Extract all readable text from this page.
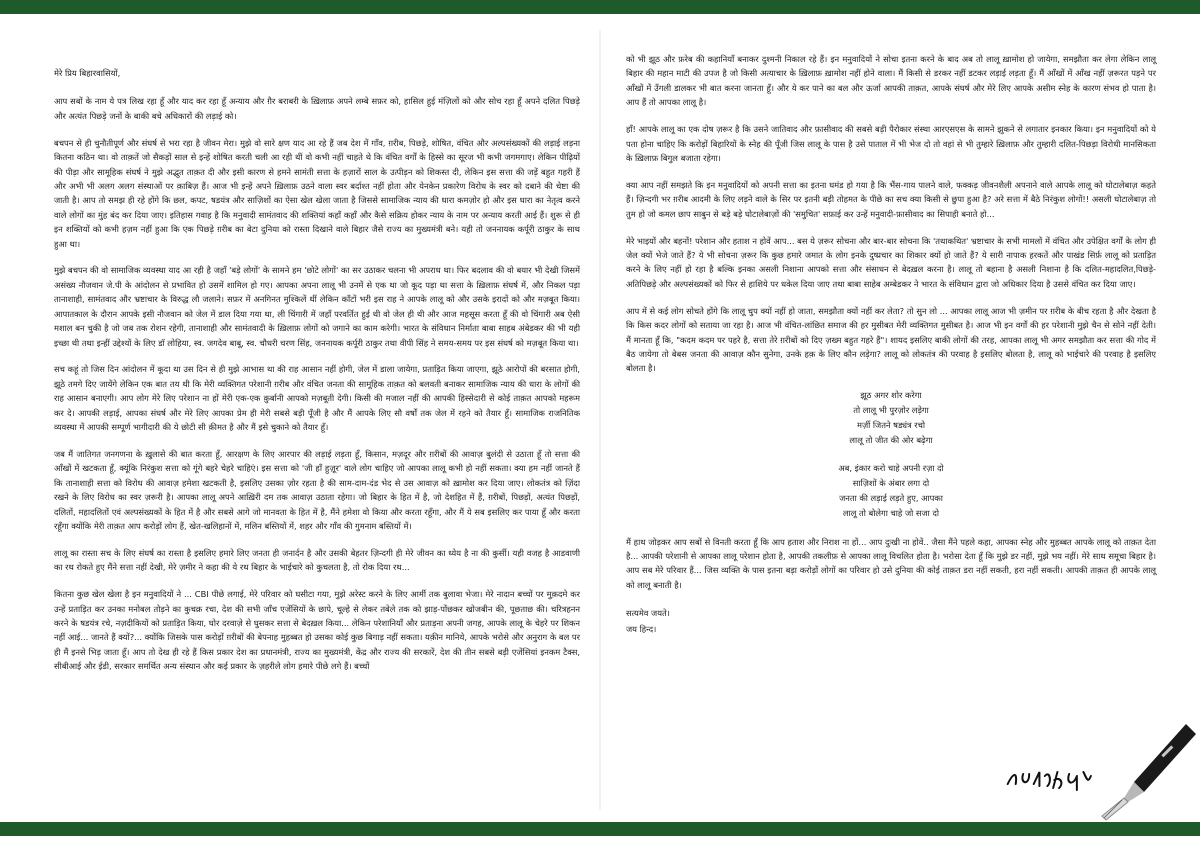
मेरे प्रिय बिहारवासियों,

आप सबों के नाम ये पत्र लिख रहा हूँ और याद कर रहा हूँ अन्याय और ग़ैर बराबरी के ख़िलाफ़ अपने लम्बे सफ़र को, हासिल हुई मंज़िलों को और सोच रहा हूँ अपने दलित पिछड़े और अत्यंत पिछड़े जनों के बाकी बचे अधिकारों की लड़ाई को।

बचपन से ही चुनौतीपूर्ण और संघर्ष से भरा रहा है जीवन मेरा। मुझे वो सारे क्षण याद आ रहे हैं जब देश में गाँव, ग़रीब, पिछड़े, शोषित, वंचित और अल्पसंख्यकों की लड़ाई लड़ना कितना कठिन था। वो ताक़तें जो सैकड़ों साल से इन्हें शोषित करती चली आ रही थीं वो कभी नहीं चाहते थे कि वंचित वर्गों के हिस्से का सूरज भी कभी जगमगाए। लेकिन पीढ़ियों की पीड़ा और सामूहिक संघर्ष ने मुझे अद्भुत ताक़त दी और इसी कारण से हमने सामंती सत्ता के हज़ारों साल के उत्पीड़न को शिकस्त दी, लेकिन इस सत्ता की जड़ें बहुत गहरी हैं और अभी भी अलग अलग संस्थाओं पर क़ाबिज़ हैं। आज भी इन्हें अपने ख़िलाफ़ उठने वाला स्वर बर्दाश्त नहीं होता और येनकेन प्रकारेण विरोध के स्वर को दबाने की चेष्टा की जाती है। आप तो समझ ही रहे होंगे कि छल, कपट, षडयंत्र और साज़िशों का ऐसा खेल खेला जाता है जिससे सामाजिक न्याय की धारा कमज़ोर हो और इस धारा का नेतृत्व करने वाले लोगों का मुंह बंद कर दिया जाए। इतिहास गवाह है कि मनुवादी सामंतवाद की शक्तियां कहाँ कहाँ और कैसे सक्रिय होकर न्याय के नाम पर अन्याय करती आई हैं। शुरू से ही इन शक्तियों को कभी हज़म नहीं हुआ कि एक पिछड़े ग़रीब का बेटा दुनिया को रास्ता दिखाने वाले बिहार जैसे राज्य का मुख्यमंत्री बने। यही तो जननायक कर्पूरी ठाकुर के साथ हुआ था।

मुझे बचपन की वो सामाजिक व्यवस्था याद आ रही है जहाँ 'बड़े लोगों' के सामने हम 'छोटे लोगों' का सर उठाकर चलना भी अपराध था। फिर बदलाव की वो बयार भी देखी जिसमें असंख्य नौजवान जे.पी के आंदोलन से प्रभावित हो उसमें शामिल हो गए। आपका अपना लालू भी उनमें से एक था जो कूद पड़ा था सत्ता के ख़िलाफ़ संघर्ष में, और निकल पड़ा तानाशाही, सामंतवाद और भ्रष्टाचार के विरुद्ध लौ जलाने। सफ़र में अनगिनत मुश्किलें थीं लेकिन काँटों भरी इस राह ने आपके लालू को और उसके इरादों को और मज़बूत किया। आपातकाल के दौरान आपके इसी नौजवान को जेल में डाल दिया गया था, ली चिंगारी में जहाँ परवर्तित हुई थी वो जेल ही थी और आज महसूस करता हूँ की वो चिंगारी अब ऐसी मशाल बन चुकी है जो जब तक रोशन रहेगी, तानाशाही और सामंतवादी के ख़िलाफ़ लोगों को जगाने का काम करेगी। भारत के संविधान निर्माता बाबा साहब अंबेडकर की भी यही इच्छा थी तथा इन्हीं उद्देश्यों के लिए डॉ लोहिया, स्व. जगदेव बाबू, स्व. चौधरी चरण सिंह, जननायक कर्पूरी ठाकुर तथा वीपी सिंह ने समय-समय पर इस संघर्ष को मज़बूत किया था।

सच कहूं तो जिस दिन आंदोलन में कूदा था उस दिन से ही मुझे आभास था की राह आसान नहीं होगी, जेल में डाला जायेगा, प्रताड़ित किया जाएगा, झूठे आरोपों की बरसात होगी, झूठे तमगे दिए जायेंगे लेकिन एक बात तय थी कि मेरी व्यक्तिगत परेशानी ग़रीब और वंचित जनता की सामूहिक ताक़त को बलवती बनाकर सामाजिक न्याय की धारा के लोगों की राह आसान बनाएगी। आप लोग मेरे लिए परेशान ना हों मेरी एक-एक क़ुर्बानी आपको मज़बूती देगी। किसी की मजाल नहीं की आपकी हिस्सेदारी से कोई ताक़त आपको महरूम कर दे। आपकी लड़ाई, आपका संघर्ष और मेरे लिए आपका प्रेम ही मेरी सबसे बड़ी पूँजी है और मैं आपके लिए सौ वर्षों तक जेल में रहने को तैयार हूँ। सामाजिक राजनितिक व्यवस्था में आपकी सम्पूर्ण भागीदारी की ये छोटी सी क़ीमत है और मैं इसे चुकाने को तैयार हूँ।

जब मैं जातिगत जनगणना के ख़ुलासे की बात करता हूँ, आरक्षण के लिए आरपार की लड़ाई लड़ता हूँ, किसान, मज़दूर और ग़रीबों की आवाज़ बुलंदी से उठाता हूँ तो सत्ता की आँखों में खटकता हूँ, क्यूंकि निरंकुश सत्ता को गूंगे बहरे चेहरे चाहिएं। इस सत्ता को 'जी हाँ हुज़ूर' वाले लोग चाहिए जो आपका लालू कभी हो नहीं सकता। क्या हम नहीं जानते हैं कि तानाशाही सत्ता को विरोध की आवाज़ हमेशा खटकती है, इसलिए उसका ज़ोर रहता है की साम-दाम-दंड भेद से उस आवाज़ को ख़ामोश कर दिया जाए। लोकतंत्र को ज़िंदा रखने के लिए विरोध का स्वर ज़रूरी है। आपका लालू अपने आख़िरी दम तक आवाज़ उठाता रहेगा। जो बिहार के हित में है, जो देशहित में हैं, ग़रीबों, पिछड़ों, अत्यंत पिछड़ों, दलितों, महादलितों एवं अल्पसंख्यकों के हित में है और सबसे आगे जो मानवता के हित में है, मैंने हमेशा वो किया और करता रहूँगा, और मैं ये सब इसलिए कर पाया हूँ और करता रहूँगा क्योंकि मेरी ताक़त आप करोड़ों लोग हैं, खेत-खलिहानों में, मलिन बस्तियों में, शहर और गाँव की गुमनाम बस्तियों में।

लालू का रास्ता सच के लिए संघर्ष का रास्ता है इसलिए हमारे लिए जनता ही जनार्दन है और उसकी बेहतर ज़िन्दगी ही मेरे जीवन का ध्येय है ना की कुर्सी। यही वजह है आडवाणी का रथ रोकते हुए मैंने सत्ता नहीं देखी, मेरे ज़मीर ने कहा की ये रथ बिहार के भाईचारे को कुचलता है, तो रोक दिया रथ...

कितना कुछ खेल खेला है इन मनुवादियों ने ... CBI पीछे लगाई, मेरे परिवार को घसीटा गया, मुझे अरेस्ट करने के लिए आर्मी तक बुलावा भेजा। मेरे नादान बच्चों पर मुक़दमे कर उन्हें प्रताड़ित कर उनका मनोबल तोड़ने का कुचक्र रचा, देश की सभी जाँच एजेंसियों के छापे, चूल्हे से लेकर तबेले तक को झाड़-पोंछकर खोजबीन की, पूछताछ की। चरित्रहनन करने के षडयंत्र रचे, नज़दीकियों को प्रताड़ित किया, घोर दरवाज़े से घुसकर सत्ता से बेदख़ल किया... लेकिन परेशानियाँ और प्रताड़ना अपनी जगह, आपके लालू के चेहरे पर शिकन नहीं आई... जानते हैं क्यों?... क्योंकि जिसके पास करोड़ों ग़रीबों की बेपनाह मुहब्बत हो उसका कोई कुछ बिगाड़ नहीं सकता। यक़ीन मानिये, आपके भरोसे और अनुराग के बल पर ही मैं इनसे भिड़ जाता हूँ। आप तो देख ही रहे हैं किस प्रकार देश का प्रधानमंत्री, राज्य का मुख्यमंत्री, केंद्र और राज्य की सरकारें, देश की तीन सबसे बड़ी एजेंसियां इनकम टैक्स, सीबीआई और ईडी, सरकार समर्थित अन्य संस्थान और कई प्रकार के ज़हरीले लोग हमारे पीछे लगे हैं। बच्चों

को भी झूठ और फ़रेब की कहानियाँ बनाकर दुश्मनी निकाल रहे हैं। इन मनुवादियों ने सोचा इतना करने के बाद अब तो लालू ख़ामोश हो जायेगा, समझौता कर लेगा लेकिन लालू बिहार की महान माटी की उपज है जो किसी अत्याचार के ख़िलाफ़ ख़ामोश नहीं होने वाला। मैं किसी से डरकर नहीं डटकर लड़ाई लड़ता हूँ। मैं आँखों में आँख नहीं ज़रूरत पड़ने पर आँखों में उँगली डालकर भी बात करना जानता हूँ। और ये कर पाने का बल और ऊर्जा आपकी ताक़त, आपके संघर्ष और मेरे लिए आपके असीम स्नेह के कारण संभव हो पाता है। आप हैं तो आपका लालू है।

हाँ! आपके लालू का एक दोष ज़रूर है कि उसने जातिवाद और फ़ासीवाद की सबसे बड़ी पैरोकार संस्था आरएसएस के सामने झुकने से लगातार इनकार किया। इन मनुवादियों को ये पता होना चाहिए कि करोड़ों बिहारियों के स्नेह की पूँजी जिस लालू के पास है उसे पाताल में भी भेज दो तो वहां से भी तुम्हारे ख़िलाफ़ और तुम्हारी दलित-पिछड़ा विरोधी मानसिकता के ख़िलाफ़ बिगुल बजाता रहेगा।

क्या आप नहीं समझते कि इन मनुवादियों को अपनी सत्ता का इतना घमंड हो गया है कि भैंस-गाय पालने वाले, फक्कड़ जीवनशैली अपनाने वाले आपके लालू को घोटालेबाज़ कहते हैं। ज़िन्दगी भर ग़रीब आदमी के लिए लड़ने वाले के सिर पर इतनी बड़ी तोहमत के पीछे का सच क्या किसी से छुपा हुआ है? अरे सत्ता में बैठे निरंकुश लोगों!! असली घोटालेबाज़ तो तुम हो जो कमल छाप साबुन से बड़े बड़े घोटालेबाज़ों की 'समुचित' सफ़ाई कर उन्हें मनुवादी-फ़ासीवाद का सिपाही बनाते हो...

मेरे भाइयों और बहनों! परेशान और हताश न होवें आप... बस ये ज़रूर सोचना और बार-बार सोचना कि 'तथाकथित' भ्रष्टाचार के सभी मामलों में वंचित और उपेक्षित वर्गों के लोग ही जेल क्यों भेजे जाते हैं? ये भी सोचना ज़रूर कि कुछ हमारे जमात के लोग इनके दुष्प्रचार का शिकार क्यों हो जाते हैं? ये सारी नापाक हरकतें और पाखंड सिर्फ़ लालू को प्रताड़ित करने के लिए नहीं हो रहा है बल्कि इनका असली निशाना आपको सत्ता और संसाधन से बेदख़ल करना है। लालू तो बहाना है असली निशाना है कि दलित-महादलित,पिछड़े-अतिपिछड़े और अल्पसंख्यकों को फिर से हाशिये पर धकेल दिया जाए तथा बाबा साहेब अम्बेडकर ने भारत के संविधान द्वारा जो अधिकार दिया है उससे वंचित कर दिया जाए।

आप में से कई लोग सोचते होंगे कि लालू चुप क्यों नहीं हो जाता, समझौता क्यों नहीं कर लेता? तो सुन लो ... आपका लालू आज भी ज़मीन पर ग़रीब के बीच रहता है और देखता है कि किस कदर लोगों को सताया जा रहा है। आज भी वंचित-लांछित समाज की हर मुसीबत मेरी व्यक्तिगत मुसीबत है। आज भी इन वर्गों की हर परेशानी मुझे चैन से सोने नहीं देती। मैं मानता हूँ कि, "कदम कदम पर पहरे है, सत्ता तेरे ग़रीबों को दिए ज़ख्म बहुत गहरे हैं"। शायद इसलिए बाकी लोगों की तरह, आपका लालू भी अगर समझौता कर सत्ता की गोद में बैठ जायेगा तो बेबस जनता की आवाज़ कौन सुनेगा, उनके हक़ के लिए कौन लड़ेगा? लालू को लोकतंत्र की परवाह है इसलिए बोलता है, लालू को भाईचारे की परवाह है इसलिए बोलता है।

झूठ अगर शोर करेगा
तो लालू भी पुरज़ोर लड़ेगा
मर्ज़ी जितने षड्यंत्र रचो
लालू तो जीत की ओर बढ़ेगा
अब, इंकार करो चाहे अपनी रज़ा दो
साज़िशों के अंबार लगा दो
जनता की लड़ाई लड़ते हुए, आपका
लालू तो बोलेगा चाहे जो सजा दो

मैं हाथ जोड़कर आप सबों से विनती करता हूँ कि आप हताश और निराश ना हों... आप दुःखी ना होवें.. जैसा मैंने पहले कहा, आपका स्नेह और मुहब्बत आपके लालू को ताक़त देता है... आपकी परेशानी से आपका लालू परेशान होता है, आपकी तकलीफ़ से आपका लालू विचलित होता है। भरोसा देता हूँ कि मुझे डर नहीं, मुझे भय नहीं। मेरे साथ समूचा बिहार है। आप सब मेरे परिवार हैं... जिस व्यक्ति के पास इतना बड़ा करोड़ों लोगों का परिवार हो उसे दुनिया की कोई ताक़त डरा नहीं सकती, हरा नहीं सकती। आपकी ताक़त ही आपके लालू को लालू बनाती है।

सत्यमेव जयते।
जय हिन्द।
